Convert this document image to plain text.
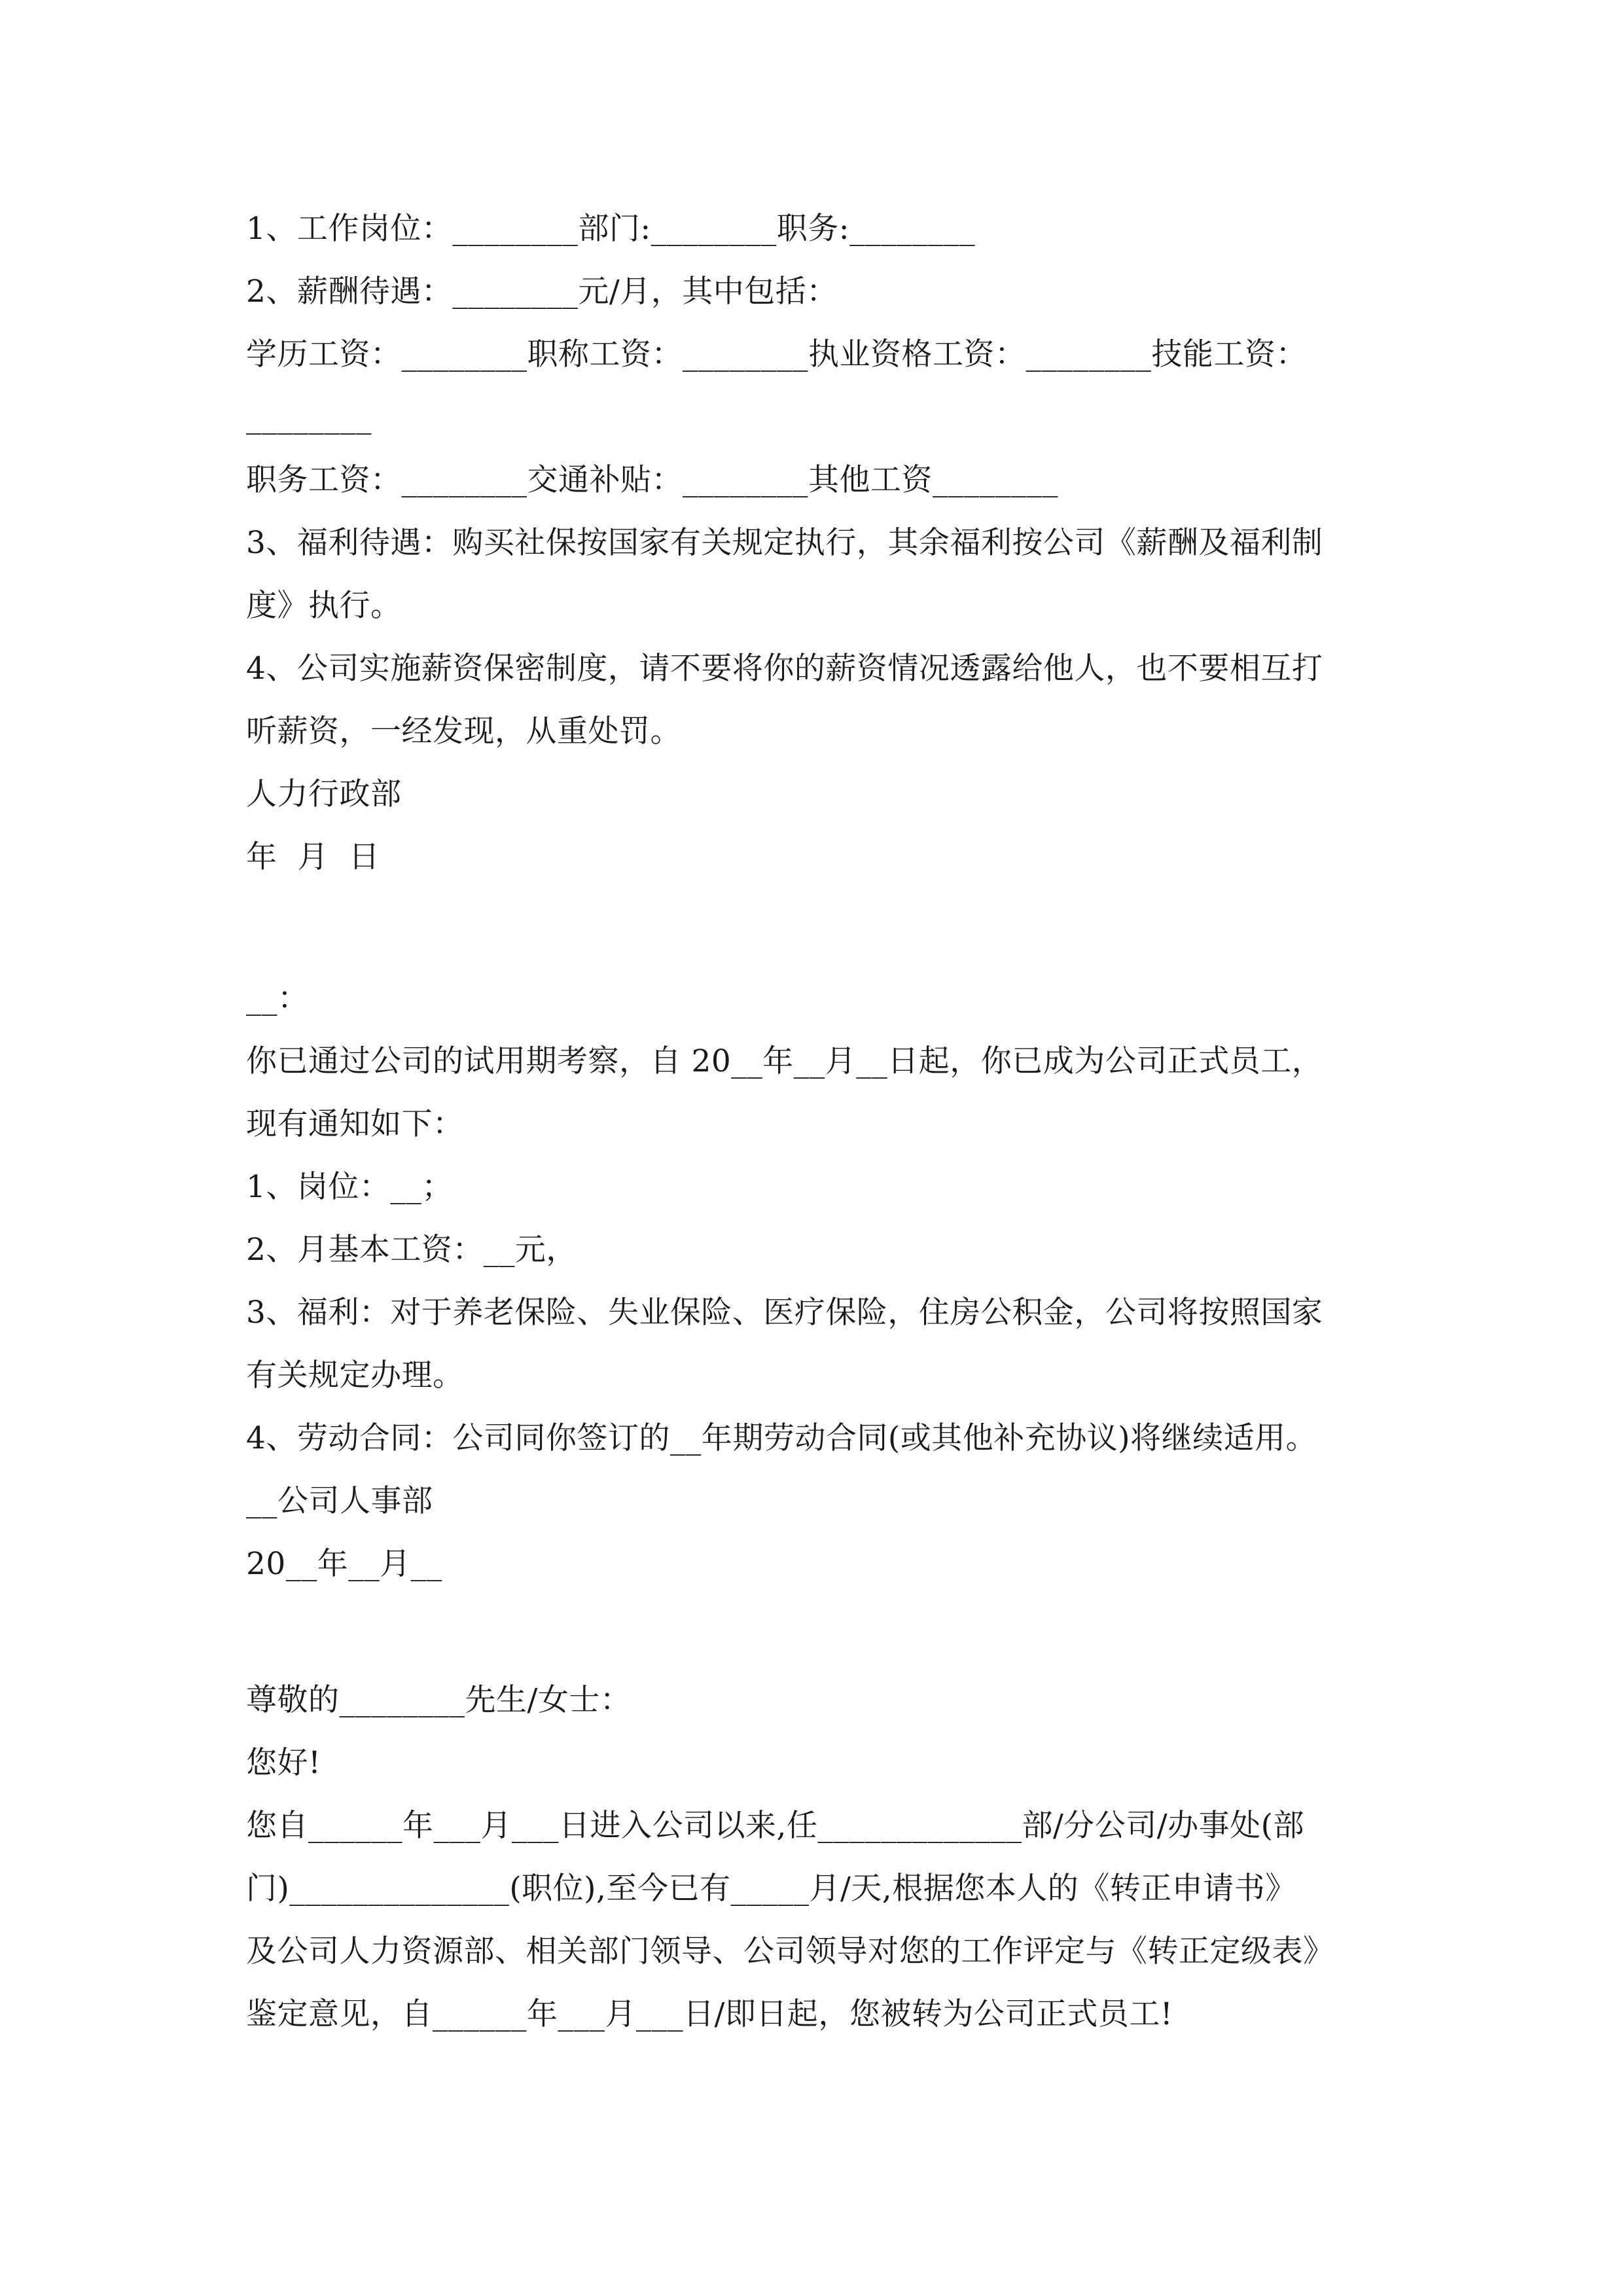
1、工作岗位：________部门:________职务:________
2、薪酬待遇：________元/月，其中包括：
学历工资：________职称工资：________执业资格工资：________技能工资：
________
职务工资：________交通补贴：________其他工资________
3、福利待遇：购买社保按国家有关规定执行，其余福利按公司《薪酬及福利制
度》执行。
4、公司实施薪资保密制度，请不要将你的薪资情况透露给他人，也不要相互打
听薪资，一经发现，从重处罚。
人力行政部
年  月  日
__：
你已通过公司的试用期考察，自 20__年__月__日起，你已成为公司正式员工，
现有通知如下：
1、岗位：__；
2、月基本工资：__元，
3、福利：对于养老保险、失业保险、医疗保险，住房公积金，公司将按照国家
有关规定办理。
4、劳动合同：公司同你签订的__年期劳动合同(或其他补充协议)将继续适用。
__公司人事部
20__年__月__
尊敬的________先生/女士：
您好!
您自______年___月___日进入公司以来,任_____________部/分公司/办事处(部
门)______________(职位),至今已有_____月/天,根据您本人的《转正申请书》
及公司人力资源部、相关部门领导、公司领导对您的工作评定与《转正定级表》
鉴定意见，自______年___月___日/即日起，您被转为公司正式员工!
